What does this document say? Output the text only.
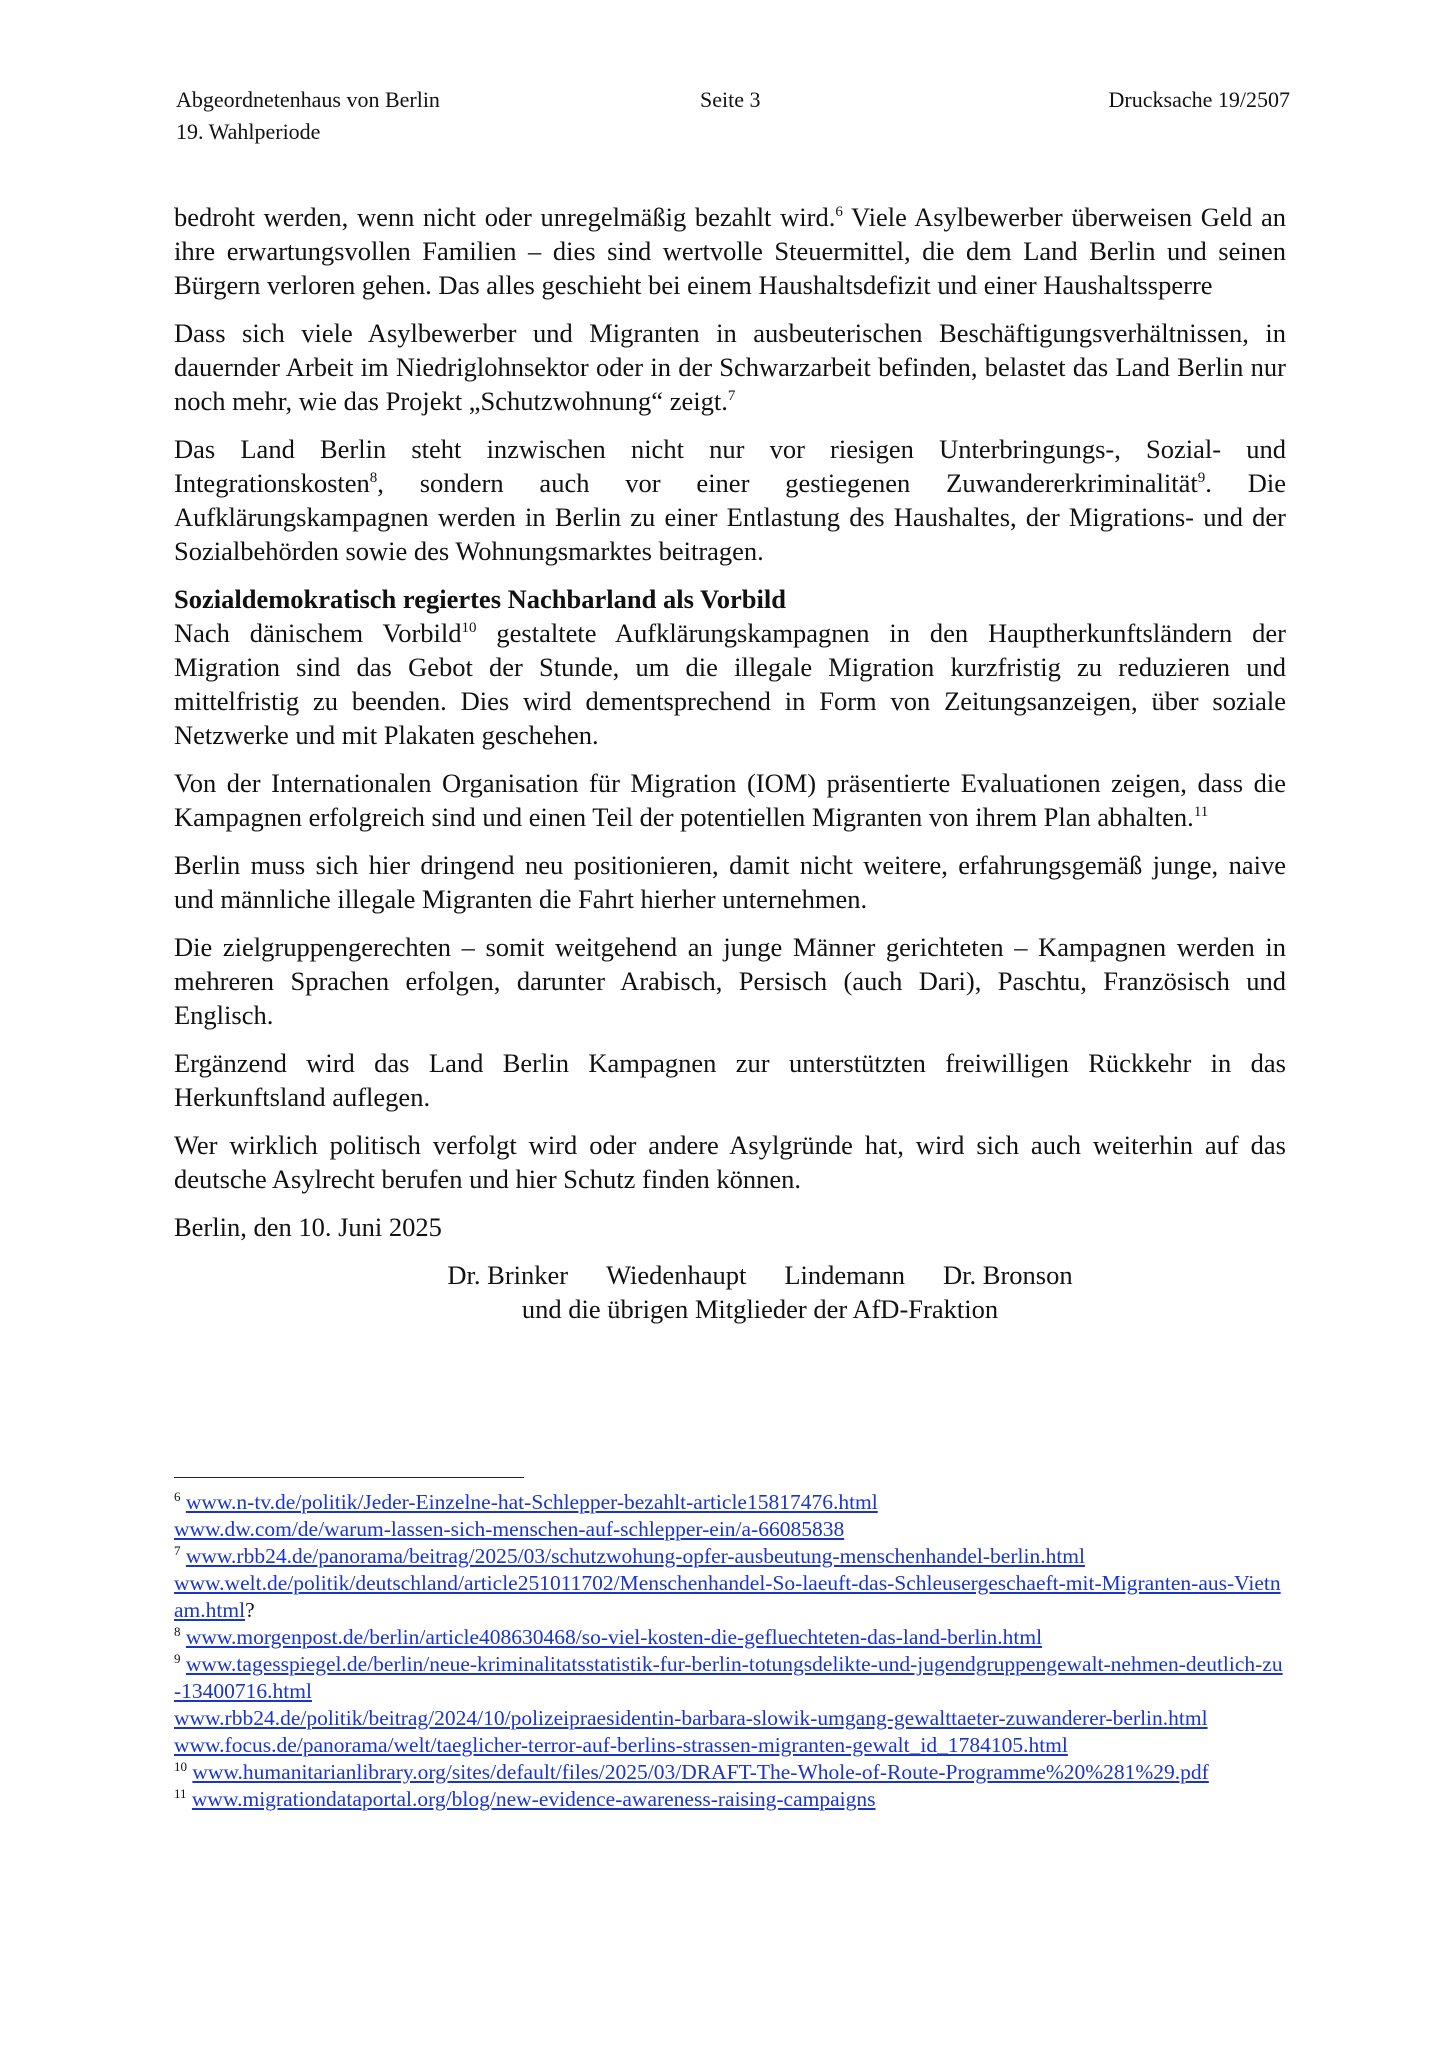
Abgeordnetenhaus von Berlin
19. Wahlperiode
Seite 3	Drucksache 19/2507

bedroht werden, wenn nicht oder unregelmäßig bezahlt wird.$^6$ Viele Asylbewerber überweisen Geld an ihre erwartungsvollen Familien – dies sind wertvolle Steuermittel, die dem Land Berlin und seinen Bürgern verloren gehen. Das alles geschieht bei einem Haushaltsdefizit und einer Haushaltssperre

Dass sich viele Asylbewerber und Migranten in ausbeuterischen Beschäftigungsverhältnissen, in dauernder Arbeit im Niedriglohnsektor oder in der Schwarzarbeit befinden, belastet das Land Berlin nur noch mehr, wie das Projekt „Schutzwohnung“ zeigt.$^7$

Das Land Berlin steht inzwischen nicht nur vor riesigen Unterbringungs-, Sozial- und Integrationskosten$^8$, sondern auch vor einer gestiegenen Zuwandererkriminalität$^9$. Die Aufklärungskampagnen werden in Berlin zu einer Entlastung des Haushaltes, der Migrations- und der Sozialbehörden sowie des Wohnungsmarktes beitragen.

Sozialdemokratisch regiertes Nachbarland als Vorbild

Nach dänischem Vorbild$^{10}$ gestaltete Aufklärungskampagnen in den Hauptherkunftsländern der Migration sind das Gebot der Stunde, um die illegale Migration kurzfristig zu reduzieren und mittelfristig zu beenden. Dies wird dementsprechend in Form von Zeitungsanzeigen, über soziale Netzwerke und mit Plakaten geschehen.

Von der Internationalen Organisation für Migration (IOM) präsentierte Evaluationen zeigen, dass die Kampagnen erfolgreich sind und einen Teil der potentiellen Migranten von ihrem Plan abhalten.$^{11}$

Berlin muss sich hier dringend neu positionieren, damit nicht weitere, erfahrungsgemäß junge, naive und männliche illegale Migranten die Fahrt hierher unternehmen.

Die zielgruppengerechten – somit weitgehend an junge Männer gerichteten – Kampagnen werden in mehreren Sprachen erfolgen, darunter Arabisch, Persisch (auch Dari), Paschtu, Französisch und Englisch.

Ergänzend wird das Land Berlin Kampagnen zur unterstützten freiwilligen Rückkehr in das Herkunftsland auflegen.

Wer wirklich politisch verfolgt wird oder andere Asylgründe hat, wird sich auch weiterhin auf das deutsche Asylrecht berufen und hier Schutz finden können.

Berlin, den 10. Juni 2025

Dr. Brinker Wiedenhaupt Lindemann Dr. Bronson
und die übrigen Mitglieder der AfD-Fraktion
$^6$ www.n-tv.de/politik/Jeder-Einzelne-hat-Schlepper-bezahlt-article15817476.html
www.dw.com/de/warum-lassen-sich-menschen-auf-schlepper-ein/a-66085838
$^7$ www.rbb24.de/panorama/beitrag/2025/03/schutzwohung-opfer-ausbeutung-menschenhandel-berlin.html
www.welt.de/politik/deutschland/article251011702/Menschenhandel-So-laeuft-das-Schleusergeschaeft-mit-Migranten-aus-Vietnam.html?
$^8$ www.morgenpost.de/berlin/article408630468/so-viel-kosten-die-gefluechteten-das-land-berlin.html
$^9$ www.tagesspiegel.de/berlin/neue-kriminalitatsstatistik-fur-berlin-totungsdelikte-und-jugendgruppengewalt-nehmen-deutlich-zu-13400716.html
www.rbb24.de/politik/beitrag/2024/10/polizeipraesidentin-barbara-slowik-umgang-gewalttaeter-zuwanderer-berlin.html
www.focus.de/panorama/welt/taeglicher-terror-auf-berlins-strassen-migranten-gewalt_id_1784105.html
$^{10}$ www.humanitarianlibrary.org/sites/default/files/2025/03/DRAFT-The-Whole-of-Route-Programme%20%281%29.pdf
$^{11}$ www.migrationdataportal.org/blog/new-evidence-awareness-raising-campaigns
